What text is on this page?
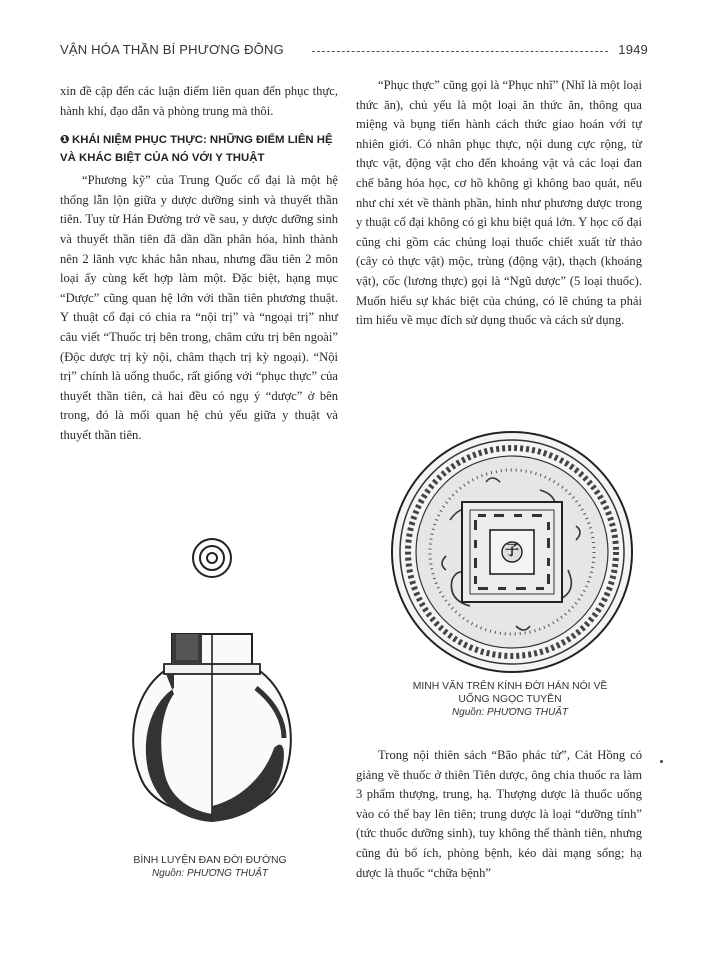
VẬN HÓA THẦN BÍ PHƯƠNG ĐÔNG	1949

xin đề cập đến các luận điểm liên quan đến phục thực, hành khí, đạo dẫn và phòng trung mà thôi.

❶ KHÁI NIỆM PHỤC THỰC: NHỮNG ĐIỂM LIÊN HỆ VÀ KHÁC BIỆT CỦA NÓ VỚI Y THUẬT

“Phương kỹ” của Trung Quốc cổ đại là một hệ thống lẫn lộn giữa y dược dưỡng sinh và thuyết thần tiên. Tuy từ Hán Đường trở về sau, y dược dưỡng sinh và thuyết thần tiên đã dần dần phân hóa, hình thành nên 2 lãnh vực khác hẳn nhau, nhưng đầu tiên 2 môn loại ấy cùng kết hợp làm một. Đặc biệt, hạng mục “Dược” cũng quan hệ lớn với thần tiên phương thuật. Y thuật cổ đại có chia ra “nội trị” và “ngoại trị” như câu viết “Thuốc trị bên trong, châm cứu trị bên ngoài” (Độc dược trị kỳ nội, châm thạch trị kỳ ngoại). “Nội trị” chính là uống thuốc, rất giống với “phục thực” của thuyết thần tiên, cả hai đều có ngụ ý “dược” ở bên trong, đó là mối quan hệ chủ yếu giữa y thuật và thuyết thần tiên.

“Phục thực” cũng gọi là “Phục nhĩ” (Nhĩ là một loại thức ăn), chủ yếu là một loại ăn thức ăn, thông qua miệng và bụng tiến hành cách thức giao hoán với tự nhiên giới. Có nhân phục thực, nội dung cực rộng, từ thực vật, động vật cho đến khoáng vật và các loại đan chế bằng hóa học, cơ hồ không gì không bao quát, nếu như chỉ xét về thành phần, hình như phương dược trong y thuật cổ đại không có gì khu biệt quá lớn. Y học cổ đại cũng chỉ gồm các chủng loại thuốc chiết xuất từ thảo (cây cỏ thực vật) mộc, trùng (động vật), thạch (khoáng vật), cốc (lương thực) gọi là “Ngũ dược” (5 loại thuốc). Muốn hiểu sự khác biệt của chúng, có lẽ chúng ta phải tìm hiểu về mục đích sử dụng thuốc và cách sử dụng.

子
MINH VĂN TRÊN KÍNH ĐỜI HÁN NÓI VỀ
UỐNG NGỌC TUYỀN
Nguồn: PHƯƠNG THUẬT

Trong nội thiên sách “Bão phác tử”, Cát Hồng có giảng về thuốc ở thiên Tiên dược, ông chia thuốc ra làm 3 phẩm thượng, trung, hạ. Thượng dược là thuốc uống vào có thể bay lên tiên; trung dược là loại “dưỡng tính” (tức thuốc dưỡng sinh), tuy không thể thành tiên, nhưng cũng đủ bổ ích, phòng bệnh, kéo dài mạng sống; hạ dược là thuốc “chữa bệnh”

BÌNH LUYỆN ĐAN ĐỜI ĐƯỜNG
Nguồn: PHƯƠNG THUẬT
